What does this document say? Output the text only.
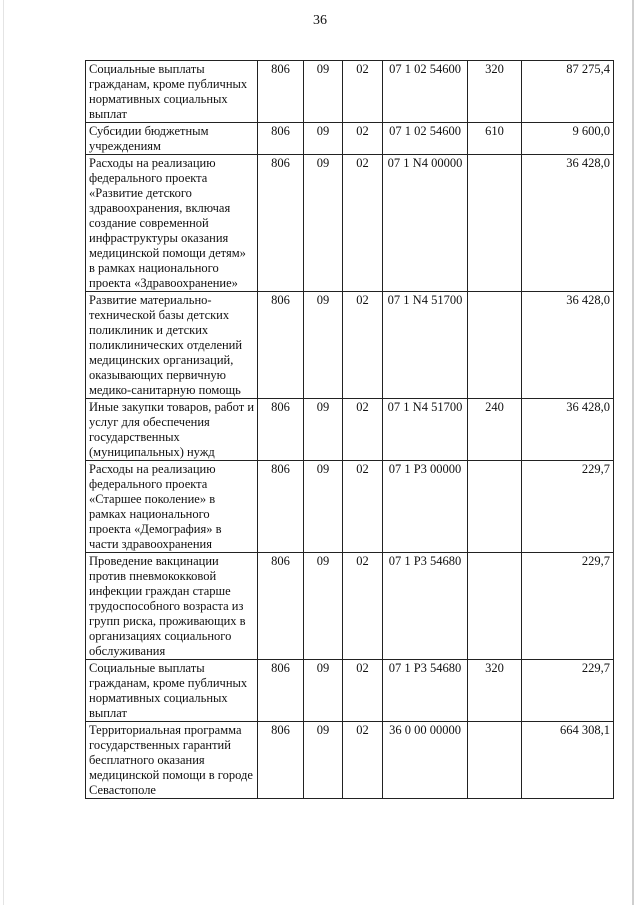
36
Социальные выплаты гражданам, кроме публичных нормативных социальных выплат	806	09	02	07 1 02 54600	320	87 275,4
Субсидии бюджетным учреждениям	806	09	02	07 1 02 54600	610	9 600,0
Расходы на реализацию федерального проекта «Развитие детского здравоохранения, включая создание современной инфраструктуры оказания медицинской помощи детям» в рамках национального проекта «Здравоохранение»	806	09	02	07 1 N4 00000		36 428,0
Развитие материально-технической базы детских поликлиник и детских поликлинических отделений медицинских организаций, оказывающих первичную медико-санитарную помощь	806	09	02	07 1 N4 51700		36 428,0
Иные закупки товаров, работ и услуг для обеспечения государственных (муниципальных) нужд	806	09	02	07 1 N4 51700	240	36 428,0
Расходы на реализацию федерального проекта «Старшее поколение» в рамках национального проекта «Демография» в части здравоохранения	806	09	02	07 1 P3 00000		229,7
Проведение вакцинации против пневмококковой инфекции граждан старше трудоспособного возраста из групп риска, проживающих в организациях социального обслуживания	806	09	02	07 1 P3 54680		229,7
Социальные выплаты гражданам, кроме публичных нормативных социальных выплат	806	09	02	07 1 P3 54680	320	229,7
Территориальная программа государственных гарантий бесплатного оказания медицинской помощи в городе Севастополе	806	09	02	36 0 00 00000		664 308,1
